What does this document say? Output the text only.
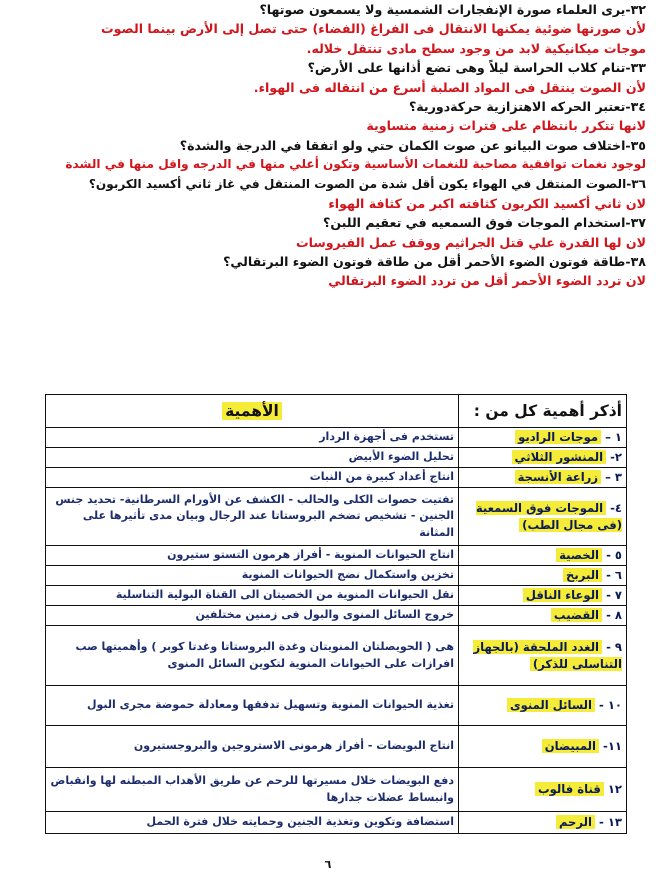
٣٢-يرى العلماء صورة الإنفجارات الشمسية ولا يسمعون صوتها؟
لأن صورتها ضوئية يمكنها الانتقال فى الفراغ (الفضاء) حتى تصل إلى الأرض بينما الصوت
موجات ميكانيكية لابد من وجود سطح مادى تنتقل خلاله.
٣٣-تنام كلاب الحراسة ليلاً وهى تضع أذانها على الأرض؟
لأن الصوت ينتقل فى المواد الصلبة أسرع من انتقاله فى الهواء.
٣٤-تعتبر الحركه الاهتزازية حركةدورية؟
لانها تتكرر بانتظام على فترات زمنية متساوية
٣٥-اختلاف صوت البيانو عن صوت الكمان حتي ولو اتفقا في الدرجة والشدة؟
لوجود نغمات توافقية مصاحبة للنغمات الأساسية وتكون أعلي منها في الدرجه واقل منها في الشدة
٣٦-الصوت المنتقل في الهواء يكون أقل شدة من الصوت المنتقل في غاز ثاني أكسيد الكربون؟
لان ثاني أكسيد الكربون كثافته اكبر من كثافة الهواء
٣٧-استخدام الموجات فوق السمعيه في تعقيم اللبن؟
لان لها القدرة علي قتل الجراثيم ووقف عمل الفيروسات
٣٨-طاقة فوتون الضوء الأحمر أقل من طاقة فوتون الضوء البرتقالي؟
لان تردد الضوء الأحمر أقل من تردد الضوء البرتقالي
أذكر أهمية كل من :	الأهمية
١ – موجات الراديو	تستخدم فى أجهزة الردار
٢- المنشور الثلاثي	تحليل الضوء الأبيض
٣ – زراعة الأنسجة	انتاج أعداد كبيرة من النبات
٤- الموجات فوق السمعية (فى مجال الطب)	تفتيت حصوات الكلى والحالب - الكشف عن الأورام السرطانية- تحديد جنس الجنين - تشخيص تضخم البروستاتا عند الرجال وبيان مدى تأثيرها على المثانة
٥ - الخصية	انتاج الحيوانات المنوية - أفراز هرمون التستو ستيرون
٦ - البربخ	تخزين واستكمال نضج الحيوانات المنوية
٧ - الوعاء الناقل	نقل الحيوانات المنوية من الخصيتان الى القناة البولية التناسلية
٨ - القضيب	خروج السائل المنوى والبول فى زمنين مختلفين
٩ - الغدد الملحقة (بالجهاز التناسلى للذكر)	هى ( الحويصلتان المنويتان وغدة البروستاتا وغدتا كوبر ) وأهميتها صب افرازات على الحيوانات المنوية لتكوين السائل المنوى
١٠ - السائل المنوى	تغذية الحيوانات المنوية وتسهيل تدفقها ومعادلة حموضة مجرى البول
١١- المبيضان	انتاج البويضات - أفراز هرمونى الاستروجين والبروجستيرون
١٢ قناة فالوب	دفع البويضات خلال مسيرتها للرحم عن طريق الأهداب المبطنه لها وانقباض وانبساط عضلات جدارها
١٣ - الرحم	استضافة وتكوين وتغذية الجنين وحمايته خلال فترة الحمل
٦
